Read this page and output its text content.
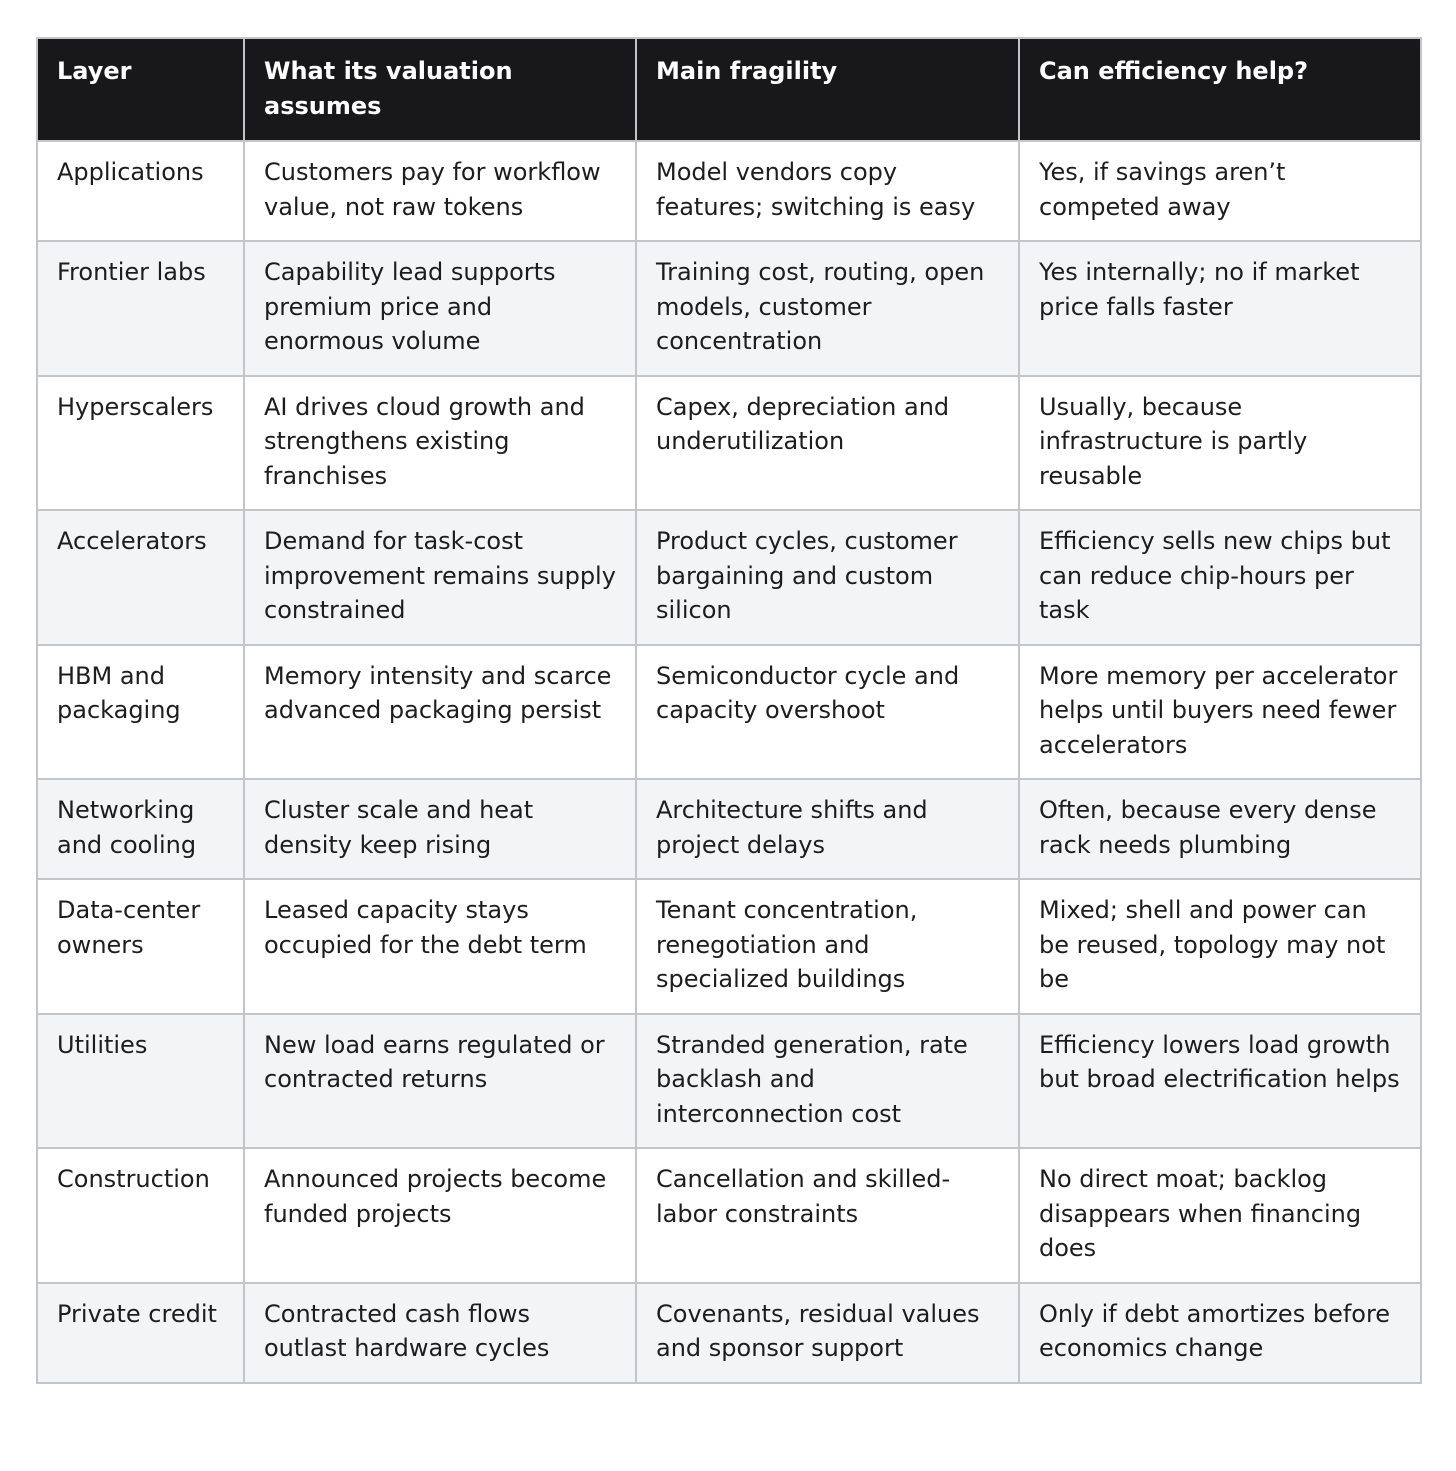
Layer	What its valuation assumes	Main fragility	Can efficiency help?
Applications	Customers pay for workflow value, not raw tokens	Model vendors copy features; switching is easy	Yes, if savings aren’t competed away
Frontier labs	Capability lead supports premium price and enormous volume	Training cost, routing, open models, customer concentration	Yes internally; no if market price falls faster
Hyperscalers	AI drives cloud growth and strengthens existing franchises	Capex, depreciation and underutilization	Usually, because infrastructure is partly reusable
Accelerators	Demand for task-cost improvement remains supply constrained	Product cycles, customer bargaining and custom silicon	Efficiency sells new chips but can reduce chip-hours per task
HBM and packaging	Memory intensity and scarce advanced packaging persist	Semiconductor cycle and capacity overshoot	More memory per accelerator helps until buyers need fewer accelerators
Networking and cooling	Cluster scale and heat density keep rising	Architecture shifts and project delays	Often, because every dense rack needs plumbing
Data-center owners	Leased capacity stays occupied for the debt term	Tenant concentration, renegotiation and specialized buildings	Mixed; shell and power can be reused, topology may not be
Utilities	New load earns regulated or contracted returns	Stranded generation, rate backlash and interconnection cost	Efficiency lowers load growth but broad electrification helps
Construction	Announced projects become funded projects	Cancellation and skilled-labor constraints	No direct moat; backlog disappears when financing does
Private credit	Contracted cash flows outlast hardware cycles	Covenants, residual values and sponsor support	Only if debt amortizes before economics change
